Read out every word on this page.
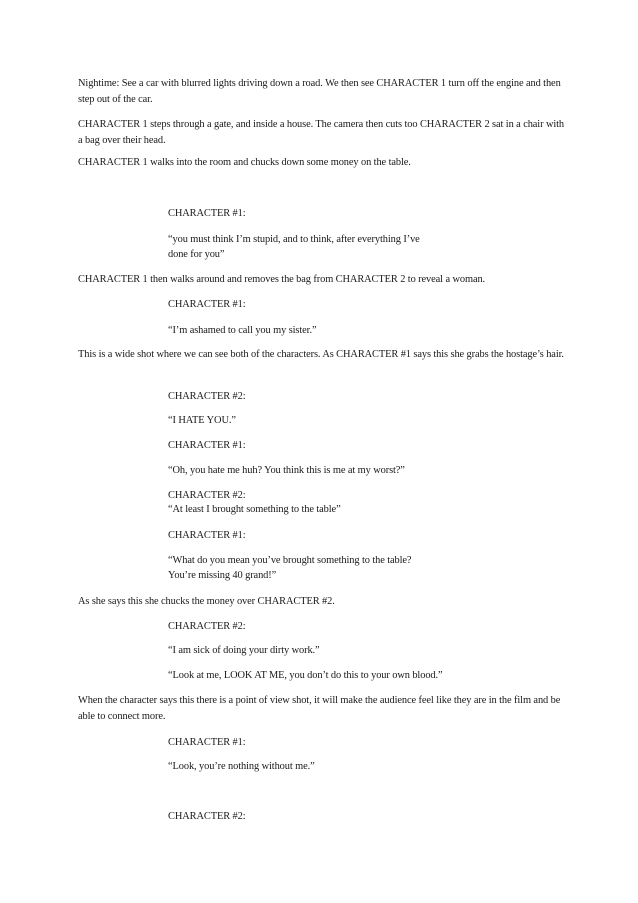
Nightime: See a car with blurred lights driving down a road. We then see CHARACTER 1 turn off the engine and then step out of the car.

CHARACTER 1 steps through a gate, and inside a house. The camera then cuts too CHARACTER 2 sat in a chair with a bag over their head.

CHARACTER 1 walks into the room and chucks down some money on the table.

CHARACTER #1:

“you must think I’m stupid, and to think, after everything I’ve

done for you”

CHARACTER 1 then walks around and removes the bag from CHARACTER 2 to reveal a woman.

CHARACTER #1:

“I’m ashamed to call you my sister.”

This is a wide shot where we can see both of the characters. As CHARACTER #1 says this she grabs the hostage’s hair.

CHARACTER #2:

“I HATE YOU.”

CHARACTER #1:

“Oh, you hate me huh? You think this is me at my worst?”

CHARACTER #2:

“At least I brought something to the table”

CHARACTER #1:

“What do you mean you’ve brought something to the table?

You’re missing 40 grand!”

As she says this she chucks the money over CHARACTER #2.

CHARACTER #2:

“I am sick of doing your dirty work.”

“Look at me, LOOK AT ME, you don’t do this to your own blood.”

When the character says this there is a point of view shot, it will make the audience feel like they are in the film and be able to connect more.

CHARACTER #1:

“Look, you’re nothing without me.”

CHARACTER #2:
